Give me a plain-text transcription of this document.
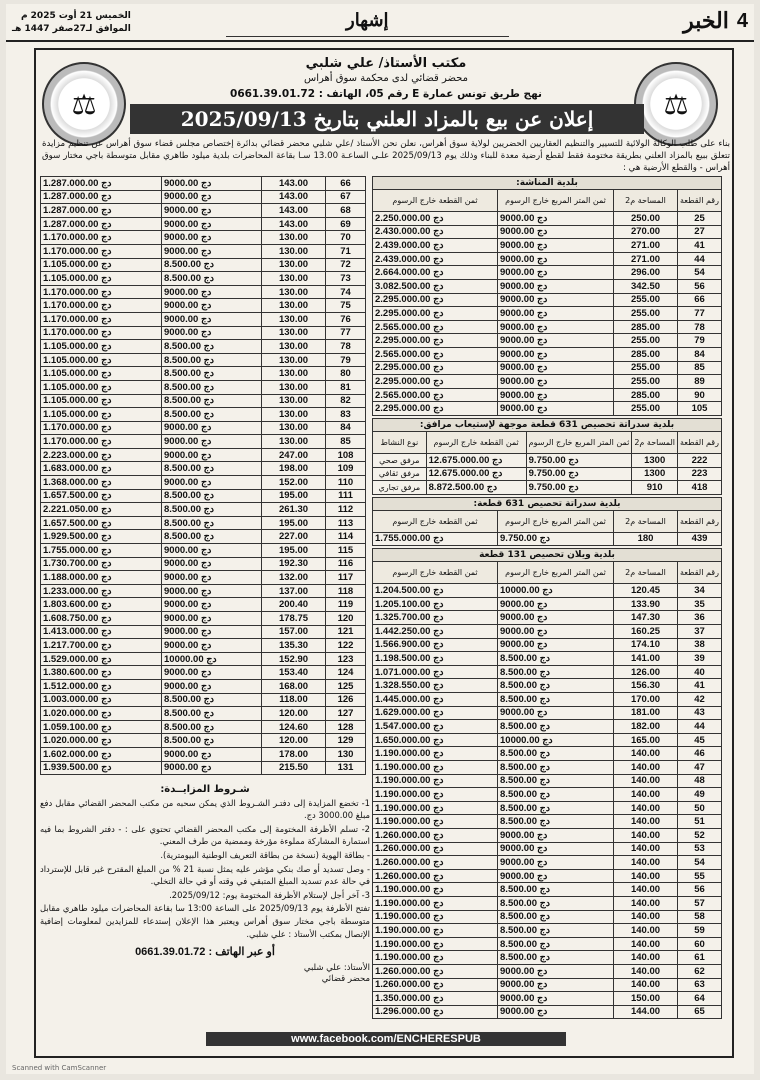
4
الخبر
إشهار
الخميس 21 أوت 2025 م
الموافق لـ27صفر 1447 هـ
⚖
⚖
مكتب الأستاذ/ علي شلبي
محضر قضائي لدى محكمة سوق أهراس
نهج طريق تونس عمارة E رقم 05، الهاتف : 0661.39.01.72
إعلان عن بيع بالمزاد العلني بتاريخ 2025/09/13
بناء على طلب الوكالة الولائية للتسيير والتنظيم العقاريين الحضريين لولاية سوق أهراس، نعلن نحن الأستاذ /علي شلبي محضر قضائي بدائرة إختصاص مجلس قضاء سوق أهراس عن تنظيم مزايدة تتعلق ببيع بالمزاد العلني بطريقة مختومة فقط لقطع أرضية معدة للبناء وذلك يوم 2025/09/13 علـى الساعـة 13.00 سـا بقاعة المحاضرات بلدية ميلود طاهري مقابل متوسطة باجي مختار سوق أهراس - والقطع الأرضية هي :
بلدية المناشة:
رقم القطعة	المساحة م2	ثمن المتر المربع خارج الرسوم	ثمن القطعة خارج الرسوم
25	250.00	9000.00 دج	2.250.000.00 دج
27	270.00	9000.00 دج	2.430.000.00 دج
41	271.00	9000.00 دج	2.439.000.00 دج
44	271.00	9000.00 دج	2.439.000.00 دج
54	296.00	9000.00 دج	2.664.000.00 دج
56	342.50	9000.00 دج	3.082.500.00 دج
66	255.00	9000.00 دج	2.295.000.00 دج
77	255.00	9000.00 دج	2.295.000.00 دج
78	285.00	9000.00 دج	2.565.000.00 دج
79	255.00	9000.00 دج	2.295.000.00 دج
84	285.00	9000.00 دج	2.565.000.00 دج
85	255.00	9000.00 دج	2.295.000.00 دج
89	255.00	9000.00 دج	2.295.000.00 دج
90	285.00	9000.00 دج	2.565.000.00 دج
105	255.00	9000.00 دج	2.295.000.00 دج
بلدية سدراتة تحصيص 631 قطعة موجهة لإستيعاب مرافق:
رقم القطعة	المساحة م2	ثمن المتر المربع خارج الرسوم	ثمن القطعة خارج الرسوم	نوع النشاط
222	1300	9.750.00 دج	12.675.000.00 دج	مرفق صحي
223	1300	9.750.00 دج	12.675.000.00 دج	مرفق ثقافي
418	910	9.750.00 دج	8.872.500.00 دج	مرفق تجاري
بلدية سدراتة تحصيص 631 قطعة:
رقم القطعة	المساحة م2	ثمن المتر المربع خارج الرسوم	ثمن القطعة خارج الرسوم
439	180	9.750.00 دج	1.755.000.00 دج
بلدية ويلان تحصيص 131 قطعة
رقم القطعة	المساحة م2	ثمن المتر المربع خارج الرسوم	ثمن القطعة خارج الرسوم
34	120.45	10000.00 دج	1.204.500.00 دج
35	133.90	9000.00 دج	1.205.100.00 دج
36	147.30	9000.00 دج	1.325.700.00 دج
37	160.25	9000.00 دج	1.442.250.00 دج
38	174.10	9000.00 دج	1.566.900.00 دج
39	141.00	8.500.00 دج	1.198.500.00 دج
40	126.00	8.500.00 دج	1.071.000.00 دج
41	156.30	8.500.00 دج	1.328.550.00 دج
42	170.00	8.500.00 دج	1.445.000.00 دج
43	181.00	9000.00 دج	1.629.000.00 دج
44	182.00	8.500.00 دج	1.547.000.00 دج
45	165.00	10000.00 دج	1.650.000.00 دج
46	140.00	8.500.00 دج	1.190.000.00 دج
47	140.00	8.500.00 دج	1.190.000.00 دج
48	140.00	8.500.00 دج	1.190.000.00 دج
49	140.00	8.500.00 دج	1.190.000.00 دج
50	140.00	8.500.00 دج	1.190.000.00 دج
51	140.00	8.500.00 دج	1.190.000.00 دج
52	140.00	9000.00 دج	1.260.000.00 دج
53	140.00	9000.00 دج	1.260.000.00 دج
54	140.00	9000.00 دج	1.260.000.00 دج
55	140.00	9000.00 دج	1.260.000.00 دج
56	140.00	8.500.00 دج	1.190.000.00 دج
57	140.00	8.500.00 دج	1.190.000.00 دج
58	140.00	8.500.00 دج	1.190.000.00 دج
59	140.00	8.500.00 دج	1.190.000.00 دج
60	140.00	8.500.00 دج	1.190.000.00 دج
61	140.00	8.500.00 دج	1.190.000.00 دج
62	140.00	9000.00 دج	1.260.000.00 دج
63	140.00	9000.00 دج	1.260.000.00 دج
64	150.00	9000.00 دج	1.350.000.00 دج
65	144.00	9000.00 دج	1.296.000.00 دج
66	143.00	9000.00 دج	1.287.000.00 دج
67	143.00	9000.00 دج	1.287.000.00 دج
68	143.00	9000.00 دج	1.287.000.00 دج
69	143.00	9000.00 دج	1.287.000.00 دج
70	130.00	9000.00 دج	1.170.000.00 دج
71	130.00	9000.00 دج	1.170.000.00 دج
72	130.00	8.500.00 دج	1.105.000.00 دج
73	130.00	8.500.00 دج	1.105.000.00 دج
74	130.00	9000.00 دج	1.170.000.00 دج
75	130.00	9000.00 دج	1.170.000.00 دج
76	130.00	9000.00 دج	1.170.000.00 دج
77	130.00	9000.00 دج	1.170.000.00 دج
78	130.00	8.500.00 دج	1.105.000.00 دج
79	130.00	8.500.00 دج	1.105.000.00 دج
80	130.00	8.500.00 دج	1.105.000.00 دج
81	130.00	8.500.00 دج	1.105.000.00 دج
82	130.00	8.500.00 دج	1.105.000.00 دج
83	130.00	8.500.00 دج	1.105.000.00 دج
84	130.00	9000.00 دج	1.170.000.00 دج
85	130.00	9000.00 دج	1.170.000.00 دج
108	247.00	9000.00 دج	2.223.000.00 دج
109	198.00	8.500.00 دج	1.683.000.00 دج
110	152.00	9000.00 دج	1.368.000.00 دج
111	195.00	8.500.00 دج	1.657.500.00 دج
112	261.30	8.500.00 دج	2.221.050.00 دج
113	195.00	8.500.00 دج	1.657.500.00 دج
114	227.00	8.500.00 دج	1.929.500.00 دج
115	195.00	9000.00 دج	1.755.000.00 دج
116	192.30	9000.00 دج	1.730.700.00 دج
117	132.00	9000.00 دج	1.188.000.00 دج
118	137.00	9000.00 دج	1.233.000.00 دج
119	200.40	9000.00 دج	1.803.600.00 دج
120	178.75	9000.00 دج	1.608.750.00 دج
121	157.00	9000.00 دج	1.413.000.00 دج
122	135.30	9000.00 دج	1.217.700.00 دج
123	152.90	10000.00 دج	1.529.000.00 دج
124	153.40	9000.00 دج	1.380.600.00 دج
125	168.00	9000.00 دج	1.512.000.00 دج
126	118.00	8.500.00 دج	1.003.000.00 دج
127	120.00	8.500.00 دج	1.020.000.00 دج
128	124.60	8.500.00 دج	1.059.100.00 دج
129	120.00	8.500.00 دج	1.020.000.00 دج
130	178.00	9000.00 دج	1.602.000.00 دج
131	215.50	9000.00 دج	1.939.500.00 دج
شـروط المزايــدة:

1- تخضع المزايدة إلى دفتـر الشـروط الذي يمكن سحبه من مكتب المحضر القضائي مقابل دفع مبلغ 3000.00 دج.

2- تسلم الأظرفة المختومة إلى مكتب المحضر القضائي تحتوي على : - دفتر الشروط بما فيه استمارة المشاركة مملوءة مؤرخة وممضية من طرف المعني.

- بطاقة الهوية (نسخة من بطاقة التعريف الوطنية البيومترية).

- وصل تسديد أو صك بنكي مؤشر عليه يمثل نسبة 21 % من المبلغ المقترح غير قابل للإسترداد في حالة عدم تسديد المبلغ المتبقي في وقته أو في حالة التخلي.

3- آخر أجل لإستلام الأظرفة المختومة يوم: 2025/09/12.

تفتح الأظرفة يوم 2025/09/13 على الساعة 13:00 سا بقاعة المحاضرات ميلود طاهري مقابل متوسطة باجي مختار سوق أهراس ويعتبر هذا الإعلان إستدعاء للمزايدين لمعلومات إضافية الإتصال بمكتب الأستاذ : علي شلبي.

أو عبر الهاتف : 0661.39.01.72
الأستاذ: علي شلبي
محضر قضائي
www.facebook.com/ENCHERESPUB
Scanned with CamScanner
